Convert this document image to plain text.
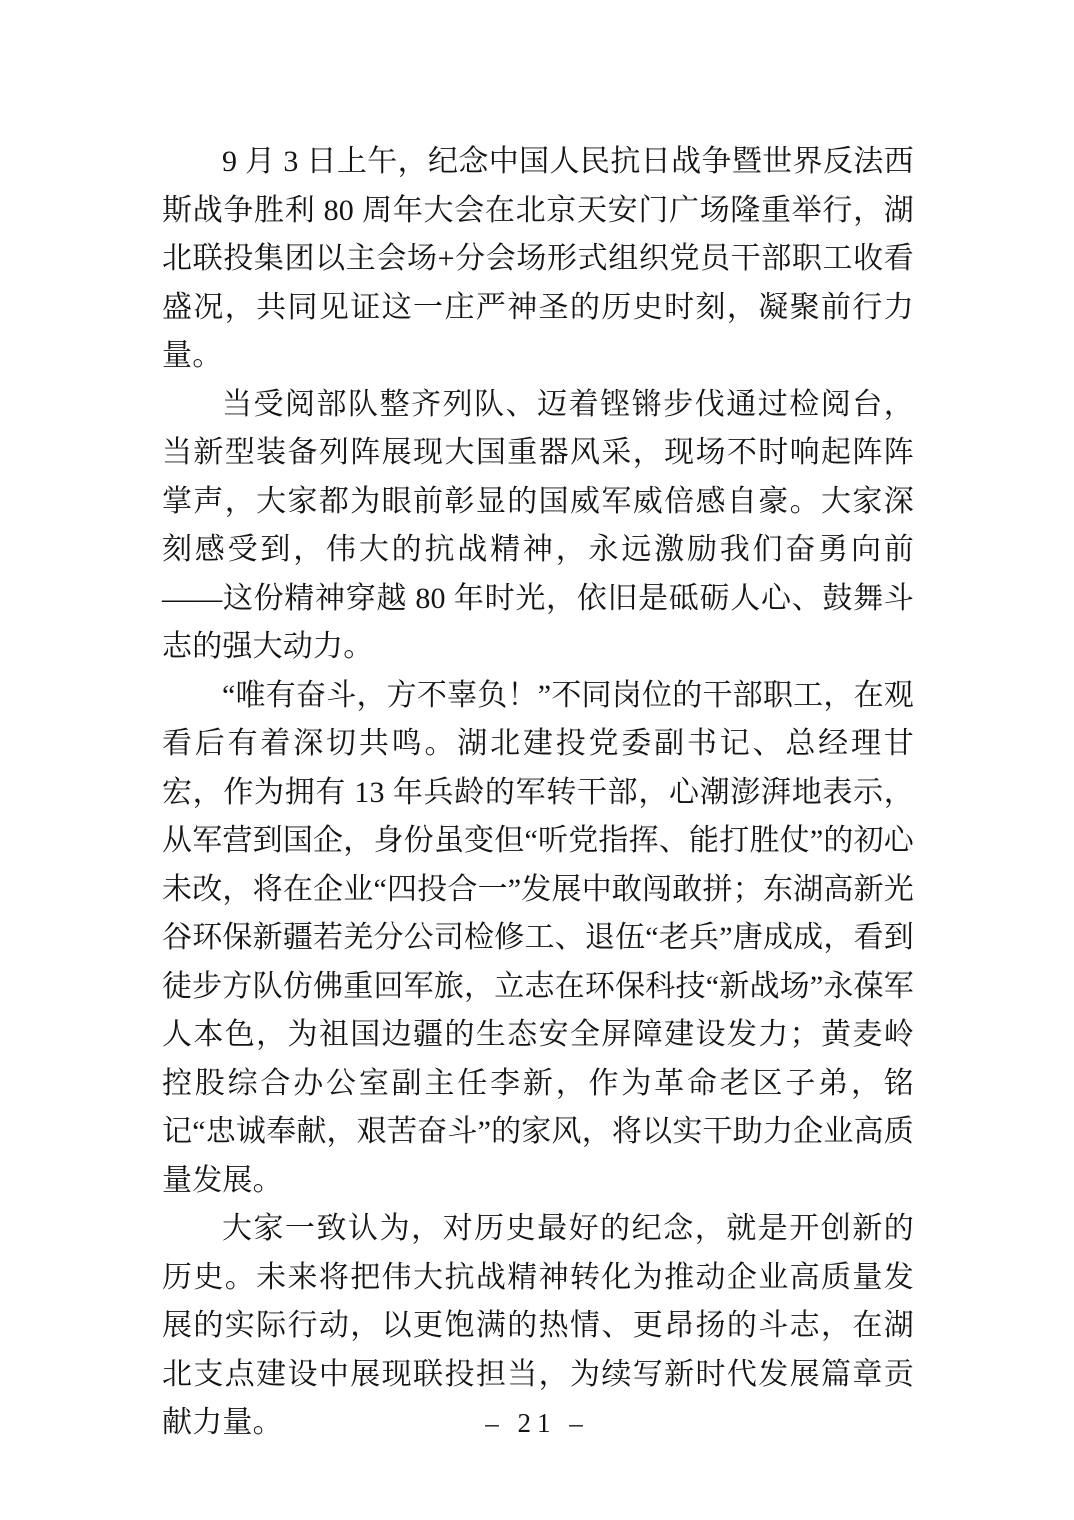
9 月 3 日上午，纪念中国人民抗日战争暨世界反法西斯战争胜利 80 周年大会在北京天安门广场隆重举行，湖北联投集团以主会场+分会场形式组织党员干部职工收看盛况，共同见证这一庄严神圣的历史时刻，凝聚前行力量。

当受阅部队整齐列队、迈着铿锵步伐通过检阅台，当新型装备列阵展现大国重器风采，现场不时响起阵阵掌声，大家都为眼前彰显的国威军威倍感自豪。大家深刻感受到，伟大的抗战精神，永远激励我们奋勇向前——这份精神穿越 80 年时光，依旧是砥砺人心、鼓舞斗志的强大动力。

“唯有奋斗，方不辜负！”不同岗位的干部职工，在观看后有着深切共鸣。湖北建投党委副书记、总经理甘宏，作为拥有 13 年兵龄的军转干部，心潮澎湃地表示，从军营到国企，身份虽变但“听党指挥、能打胜仗”的初心未改，将在企业“四投合一”发展中敢闯敢拼；东湖高新光谷环保新疆若羌分公司检修工、退伍“老兵”唐成成，看到徒步方队仿佛重回军旅，立志在环保科技“新战场”永葆军人本色，为祖国边疆的生态安全屏障建设发力；黄麦岭控股综合办公室副主任李新，作为革命老区子弟，铭记“忠诚奉献，艰苦奋斗”的家风，将以实干助力企业高质量发展。

大家一致认为，对历史最好的纪念，就是开创新的历史。未来将把伟大抗战精神转化为推动企业高质量发展的实际行动，以更饱满的热情、更昂扬的斗志，在湖北支点建设中展现联投担当，为续写新时代发展篇章贡献力量。	– 21 –
